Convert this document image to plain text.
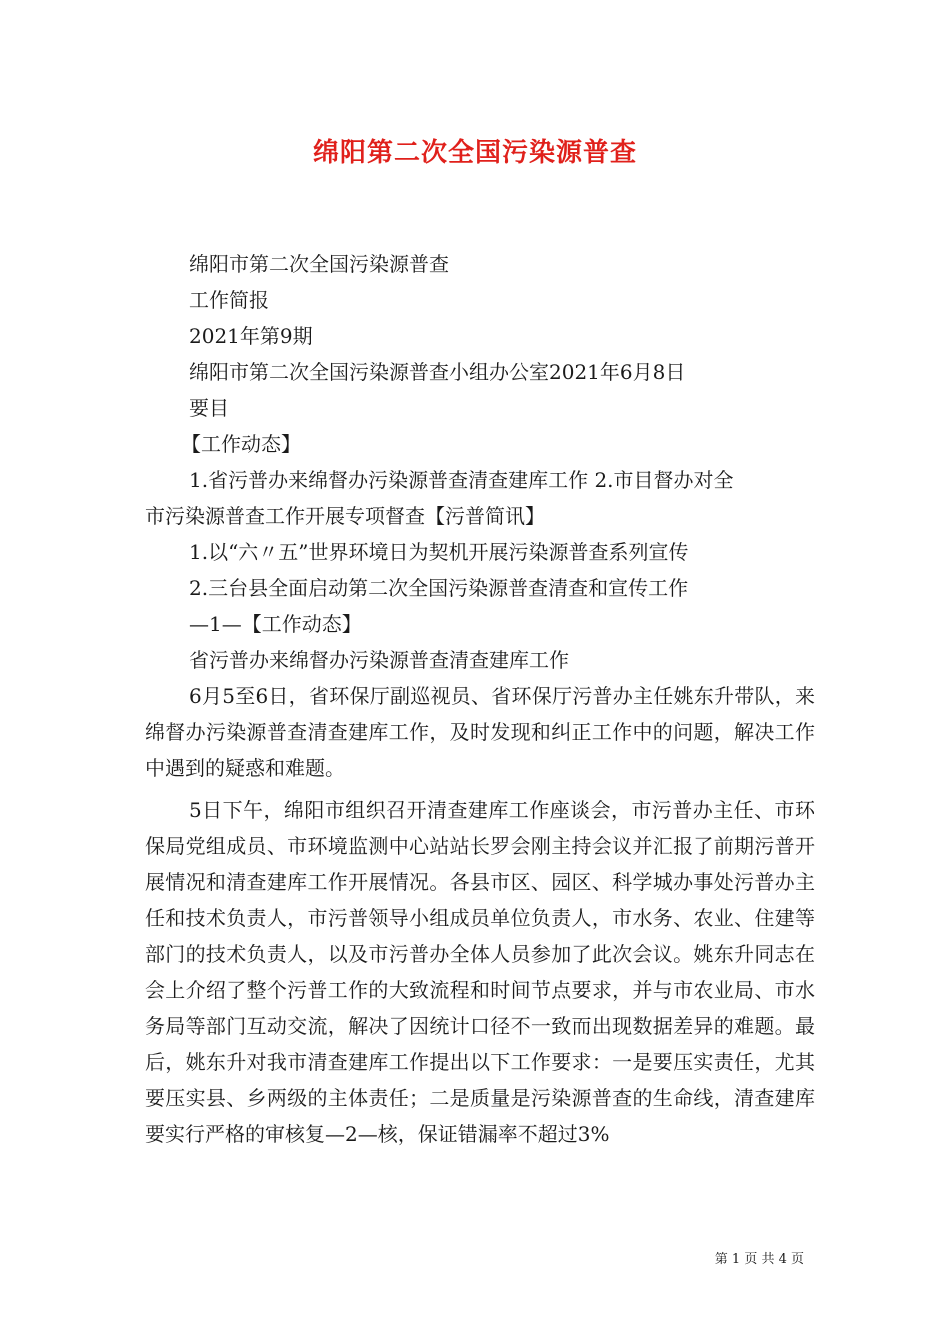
绵阳第二次全国污染源普查
绵阳市第二次全国污染源普查
工作简报
2021年第9期
绵阳市第二次全国污染源普查小组办公室2021年6月8日
要目
【工作动态】
1.省污普办来绵督办污染源普查清查建库工作 2.市目督办对全
市污染源普查工作开展专项督查【污普简讯】
1.以“六〃五”世界环境日为契机开展污染源普查系列宣传
2.三台县全面启动第二次全国污染源普查清查和宣传工作
—1—【工作动态】
省污普办来绵督办污染源普查清查建库工作

6月5至6日，省环保厅副巡视员、省环保厅污普办主任姚东升带队，来绵督办污染源普查清查建库工作，及时发现和纠正工作中的问题，解决工作中遇到的疑惑和难题。

5日下午，绵阳市组织召开清查建库工作座谈会，市污普办主任、市环保局党组成员、市环境监测中心站站长罗会刚主持会议并汇报了前期污普开展情况和清查建库工作开展情况。各县市区、园区、科学城办事处污普办主任和技术负责人，市污普领导小组成员单位负责人，市水务、农业、住建等部门的技术负责人，以及市污普办全体人员参加了此次会议。姚东升同志在会上介绍了整个污普工作的大致流程和时间节点要求，并与市农业局、市水务局等部门互动交流，解决了因统计口径不一致而出现数据差异的难题。最后，姚东升对我市清查建库工作提出以下工作要求：一是要压实责任，尤其要压实县、乡两级的主体责任；二是质量是污染源普查的生命线，清查建库要实行严格的审核复—2—核，保证错漏率不超过3%

第 1 页 共 4 页
